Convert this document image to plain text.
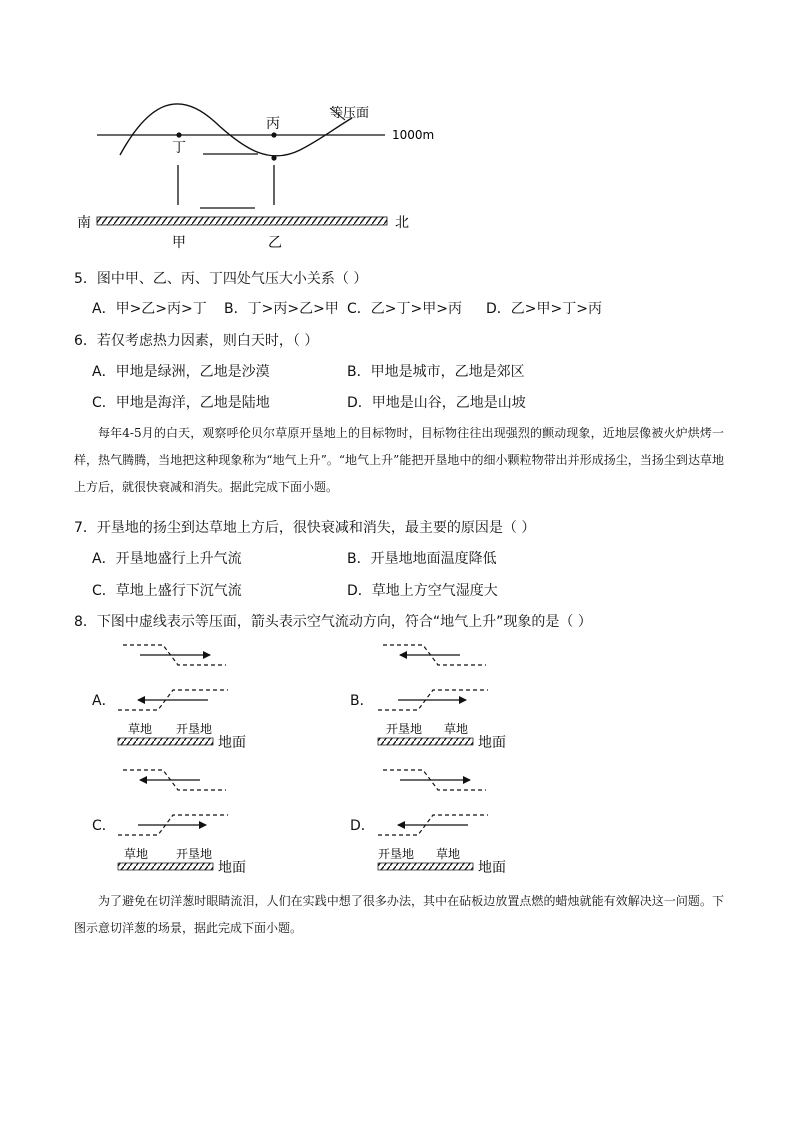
等压面
1000m
丙
丁
南	北
甲	乙
草地 开垦地
地面
开垦地 草地
地面
草地 开垦地
地面
开垦地 草地
地面
5．图中甲、乙、丙、丁四处气压大小关系（ ）
A．甲>乙>丙>丁 B．丁>丙>乙>甲 C．乙>丁>甲>丙 D．乙>甲>丁>丙
6．若仅考虑热力因素，则白天时，（ ）
A．甲地是绿洲，乙地是沙漠	B．甲地是城市，乙地是郊区
C．甲地是海洋，乙地是陆地	D．甲地是山谷，乙地是山坡

每年4-5月的白天，观察呼伦贝尔草原开垦地上的目标物时，目标物往往出现强烈的颤动现象，近地层像被火炉烘烤一样，热气腾腾，当地把这种现象称为“地气上升”。“地气上升”能把开垦地中的细小颗粒物带出并形成扬尘，当扬尘到达草地上方后，就很快衰减和消失。据此完成下面小题。

7．开垦地的扬尘到达草地上方后，很快衰减和消失，最主要的原因是（ ）
A．开垦地盛行上升气流	B．开垦地地面温度降低
C．草地上盛行下沉气流	D．草地上方空气湿度大
8．下图中虚线表示等压面，箭头表示空气流动方向，符合“地气上升”现象的是（ ）
A．	B．
C．	D．

为了避免在切洋葱时眼睛流泪，人们在实践中想了很多办法，其中在砧板边放置点燃的蜡烛就能有效解决这一问题。下图示意切洋葱的场景，据此完成下面小题。
